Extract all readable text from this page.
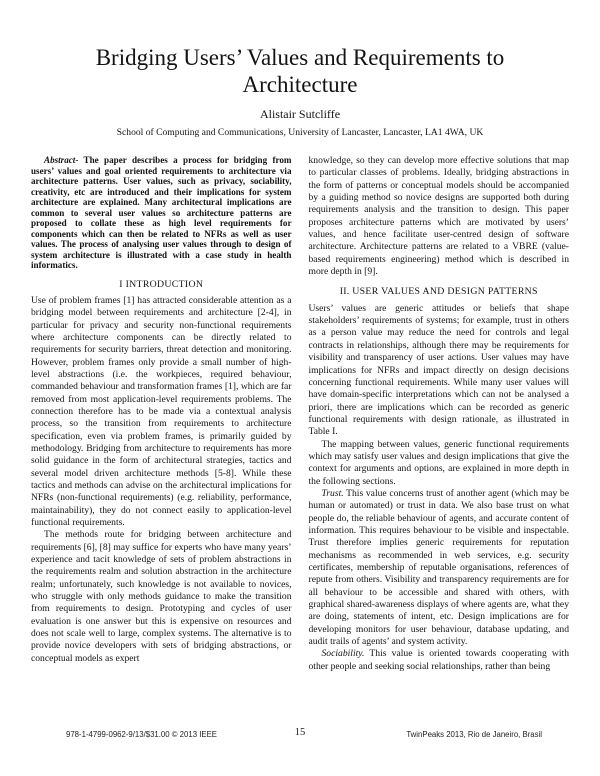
Bridging Users’ Values and Requirements to Architecture
Alistair Sutcliffe
School of Computing and Communications, University of Lancaster, Lancaster, LA1 4WA, UK

Abstract- The paper describes a process for bridging from users’ values and goal oriented requirements to architecture via architecture patterns. User values, such as privacy, sociability, creativity, etc are introduced and their implications for system architecture are explained. Many architectural implications are common to several user values so architecture patterns are proposed to collate these as high level requirements for components which can then be related to NFRs as well as user values. The process of analysing user values through to design of system architecture is illustrated with a case study in health informatics.

I INTRODUCTION

Use of problem frames [1] has attracted considerable attention as a bridging model between requirements and architecture [2-4], in particular for privacy and security non-functional requirements where architecture components can be directly related to requirements for security barriers, threat detection and monitoring. However, problem frames only provide a small number of high-level abstractions (i.e. the workpieces, required behaviour, commanded behaviour and transformation frames [1], which are far removed from most application-level requirements problems. The connection therefore has to be made via a contextual analysis process, so the transition from requirements to architecture specification, even via problem frames, is primarily guided by methodology. Bridging from architecture to requirements has more solid guidance in the form of architectural strategies, tactics and several model driven architecture methods [5-8]. While these tactics and methods can advise on the architectural implications for NFRs (non-functional requirements) (e.g. reliability, performance, maintainability), they do not connect easily to application-level functional requirements.

The methods route for bridging between architecture and requirements [6], [8] may suffice for experts who have many years’ experience and tacit knowledge of sets of problem abstractions in the requirements realm and solution abstraction in the architecture realm; unfortunately, such knowledge is not available to novices, who struggle with only methods guidance to make the transition from requirements to design. Prototyping and cycles of user evaluation is one answer but this is expensive on resources and does not scale well to large, complex systems. The alternative is to provide novice developers with sets of bridging abstractions, or conceptual models as expert

knowledge, so they can develop more effective solutions that map to particular classes of problems. Ideally, bridging abstractions in the form of patterns or conceptual models should be accompanied by a guiding method so novice designs are supported both during requirements analysis and the transition to design. This paper proposes architecture patterns which are motivated by users’ values, and hence facilitate user-centred design of software architecture. Architecture patterns are related to a VBRE (value-based requirements engineering) method which is described in more depth in [9].

II. USER VALUES AND DESIGN PATTERNS

Users’ values are generic attitudes or beliefs that shape stakeholders’ requirements of systems; for example, trust in others as a person value may reduce the need for controls and legal contracts in relationships, although there may be requirements for visibility and transparency of user actions. User values may have implications for NFRs and impact directly on design decisions concerning functional requirements. While many user values will have domain-specific interpretations which can not be analysed a priori, there are implications which can be recorded as generic functional requirements with design rationale, as illustrated in Table I.

The mapping between values, generic functional requirements which may satisfy user values and design implications that give the context for arguments and options, are explained in more depth in the following sections.

Trust. This value concerns trust of another agent (which may be human or automated) or trust in data. We also base trust on what people do, the reliable behaviour of agents, and accurate content of information. This requires behaviour to be visible and inspectable. Trust therefore implies generic requirements for reputation mechanisms as recommended in web services, e.g. security certificates, membership of reputable organisations, references of repute from others. Visibility and transparency requirements are for all behaviour to be accessible and shared with others, with graphical shared-awareness displays of where agents are, what they are doing, statements of intent, etc. Design implications are for developing monitors for user behaviour, database updating, and audit trails of agents’ and system activity.

Sociability. This value is oriented towards cooperating with other people and seeking social relationships, rather than being

978-1-4799-0962-9/13/$31.00 © 2013 IEEE	15	TwinPeaks 2013, Rio de Janeiro, Brasil
